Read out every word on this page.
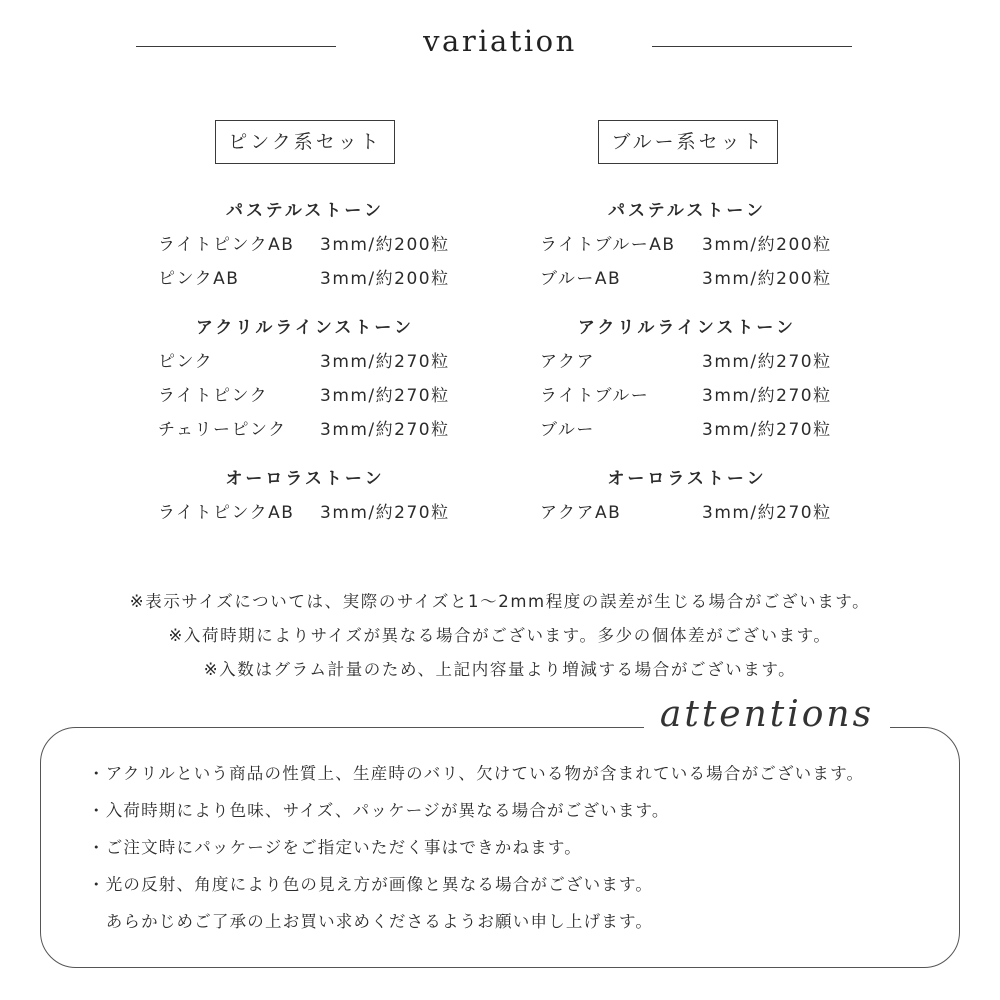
variation
ピンク系セット
パステルストーン
ライトピンクAB 3mm/約200粒
ピンクAB	3mm/約200粒
アクリルラインストーン
ピンク	3mm/約270粒
ライトピンク	3mm/約270粒
チェリーピンク 3mm/約270粒
オーロラストーン
ライトピンクAB 3mm/約270粒
ブルー系セット
パステルストーン
ライトブルーAB 3mm/約200粒
ブルーAB	3mm/約200粒
アクリルラインストーン
アクア	3mm/約270粒
ライトブルー	3mm/約270粒
ブルー	3mm/約270粒
オーロラストーン
アクアAB	3mm/約270粒
※表示サイズについては、実際のサイズと1〜2mm程度の誤差が生じる場合がございます。
※入荷時期によりサイズが異なる場合がございます。多少の個体差がございます。
※入数はグラム計量のため、上記内容量より増減する場合がございます。
attentions
・アクリルという商品の性質上、生産時のバリ、欠けている物が含まれている場合がございます。
・入荷時期により色味、サイズ、パッケージが異なる場合がございます。
・ご注文時にパッケージをご指定いただく事はできかねます。
・光の反射、角度により色の見え方が画像と異なる場合がございます。
　あらかじめご了承の上お買い求めくださるようお願い申し上げます。
